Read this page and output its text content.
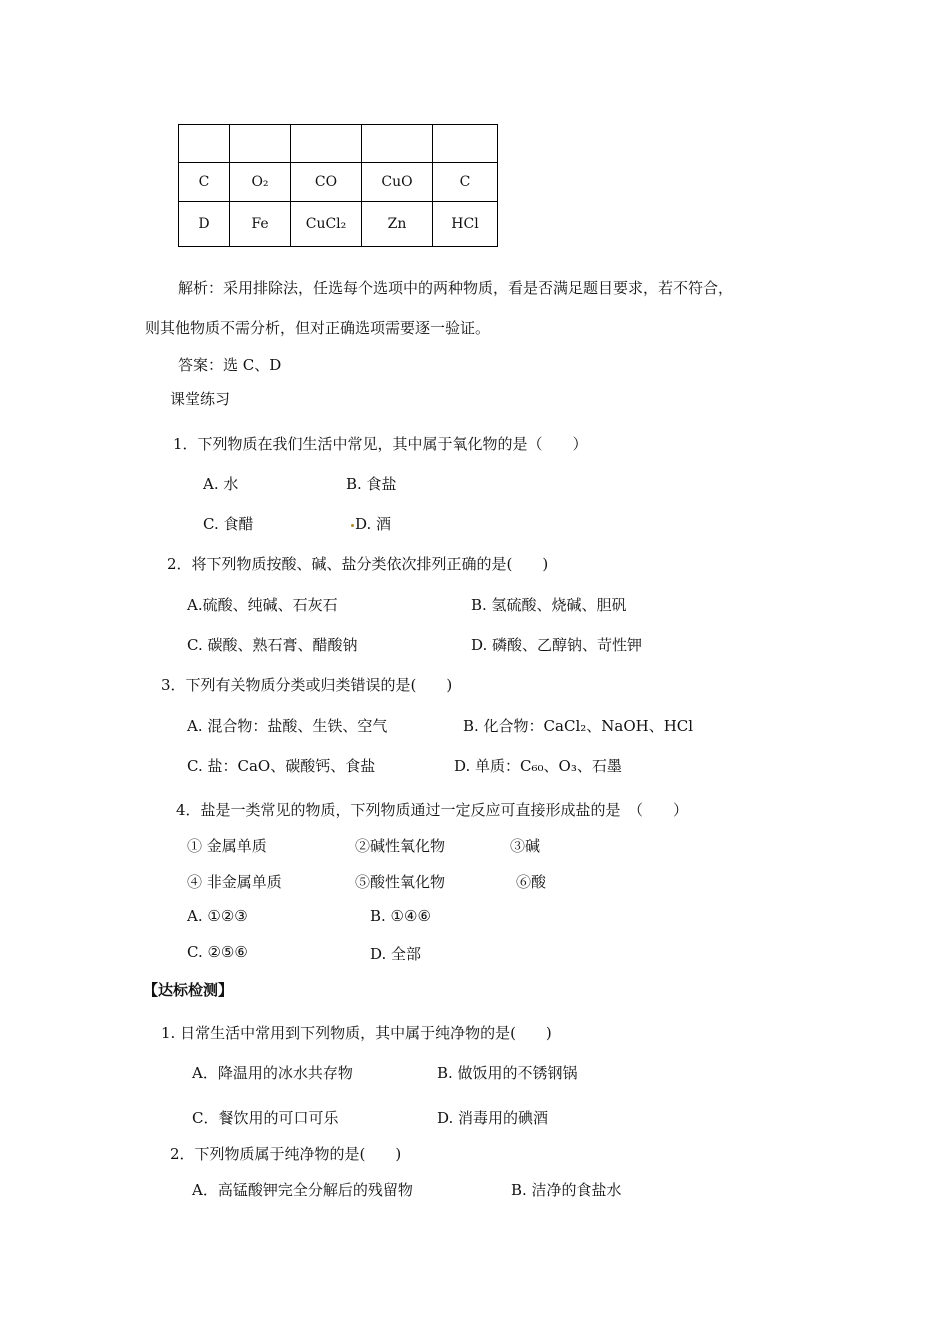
C	O₂	CO	CuO	C
D	Fe	CuCl₂	Zn	HCl
解析：采用排除法，任选每个选项中的两种物质，看是否满足题目要求，若不符合，
则其他物质不需分析，但对正确选项需要逐一验证。
答案：选 C、D
课堂练习
1．下列物质在我们生活中常见，其中属于氧化物的是（　　）
A. 水	B. 食盐
C. 食醋	D. 酒
2．将下列物质按酸、碱、盐分类依次排列正确的是(　　)
A.硫酸、纯碱、石灰石	B. 氢硫酸、烧碱、胆矾
C. 碳酸、熟石膏、醋酸钠	D. 磷酸、乙醇钠、苛性钾
3．下列有关物质分类或归类错误的是(　　)
A. 混合物：盐酸、生铁、空气	B. 化合物：CaCl₂、NaOH、HCl
C. 盐：CaO、碳酸钙、食盐	D. 单质：C₆₀、O₃、石墨
4．盐是一类常见的物质，下列物质通过一定反应可直接形成盐的是　（　　）
① 金属单质	②碱性氧化物	③碱
④ 非金属单质	⑤酸性氧化物	⑥酸
A. ①②③	B. ①④⑥
C. ②⑤⑥	D. 全部
【达标检测】
1. 日常生活中常用到下列物质，其中属于纯净物的是(　　)
A．降温用的冰水共存物	B. 做饭用的不锈钢锅
C．餐饮用的可口可乐	D. 消毒用的碘酒
2．下列物质属于纯净物的是(　　)
A．高锰酸钾完全分解后的残留物	B. 洁净的食盐水
